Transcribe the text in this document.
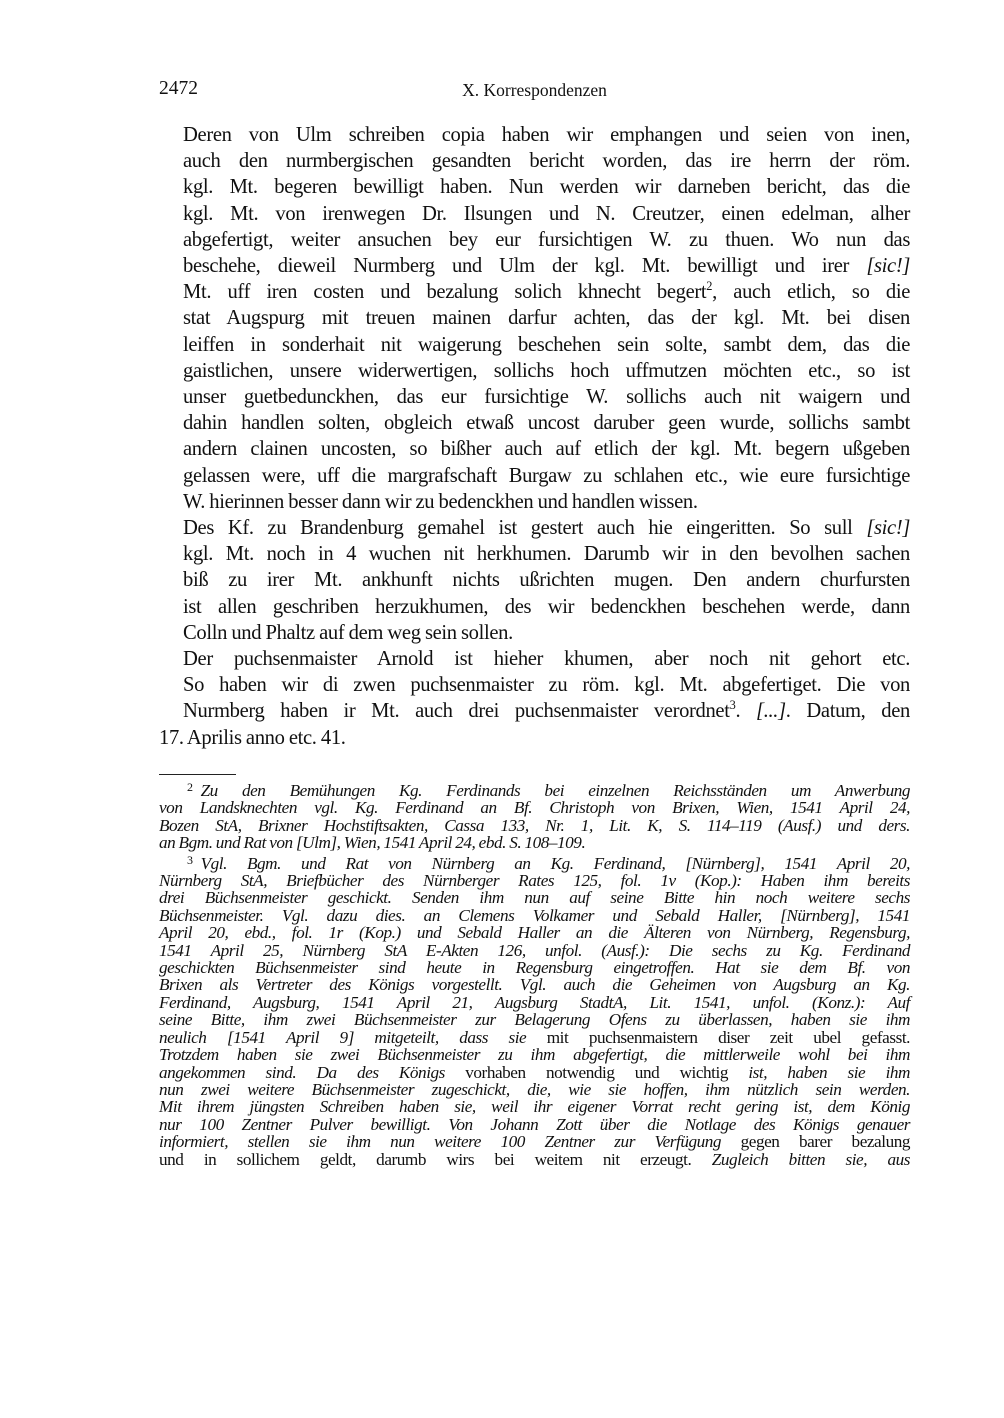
2472	X. Korrespondenzen

Deren von Ulm schreiben copia haben wir emphangen und seien von inen,
auch den nurmbergischen gesandten bericht worden, das ire herrn der röm.
kgl. Mt. begeren bewilligt haben. Nun werden wir darneben bericht, das die
kgl. Mt. von irenwegen Dr. Ilsungen und N. Creutzer, einen edelman, alher
abgefertigt, weiter ansuchen bey eur fursichtigen W. zu thuen. Wo nun das
beschehe, dieweil Nurmberg und Ulm der kgl. Mt. bewilligt und irer [sic!]
Mt. uff iren costen und bezalung solich khnecht begert$^2$, auch etlich, so die
stat Augspurg mit treuen mainen darfur achten, das der kgl. Mt. bei disen
leiffen in sonderhait nit waigerung beschehen sein solte, sambt dem, das die
gaistlichen, unsere widerwertigen, sollichs hoch uffmutzen möchten etc., so ist
unser guetbedunckhen, das eur fursichtige W. sollichs auch nit waigern und
dahin handlen solten, obgleich etwaß uncost daruber geen wurde, sollichs sambt
andern clainen uncosten, so bißher auch auf etlich der kgl. Mt. begern ußgeben
gelassen were, uff die margrafschaft Burgaw zu schlahen etc., wie eure fursichtige
W. hierinnen besser dann wir zu bedenckhen und handlen wissen.

Des Kf. zu Brandenburg gemahel ist gestert auch hie eingeritten. So sull [sic!]
kgl. Mt. noch in 4 wuchen nit herkhumen. Darumb wir in den bevolhen sachen
biß zu irer Mt. ankhunft nichts ußrichten mugen. Den andern churfursten
ist allen geschriben herzukhumen, des wir bedenckhen beschehen werde, dann
Colln und Phaltz auf dem weg sein sollen.

Der puchsenmaister Arnold ist hieher khumen, aber noch nit gehort etc.
So haben wir di zwen puchsenmaister zu röm. kgl. Mt. abgefertiget. Die von
Nurmberg haben ir Mt. auch drei puchsenmaister verordnet$^3$. [...]. Datum, den
17. Aprilis anno etc. 41.

$^2$ Zu den Bemühungen Kg. Ferdinands bei einzelnen Reichsständen um Anwerbung
von Landsknechten vgl. Kg. Ferdinand an Bf. Christoph von Brixen, Wien, 1541 April 24,
Bozen StA, Brixner Hochstiftsakten, Cassa 133, Nr. 1, Lit. K, S. 114–119 (Ausf.) und ders.
an Bgm. und Rat von [Ulm], Wien, 1541 April 24, ebd. S. 108–109.

$^3$ Vgl. Bgm. und Rat von Nürnberg an Kg. Ferdinand, [Nürnberg], 1541 April 20,
Nürnberg StA, Briefbücher des Nürnberger Rates 125, fol. 1v (Kop.): Haben ihm bereits
drei Büchsenmeister geschickt. Senden ihm nun auf seine Bitte hin noch weitere sechs
Büchsenmeister. Vgl. dazu dies. an Clemens Volkamer und Sebald Haller, [Nürnberg], 1541
April 20, ebd., fol. 1r (Kop.) und Sebald Haller an die Älteren von Nürnberg, Regensburg,
1541 April 25, Nürnberg StA E-Akten 126, unfol. (Ausf.): Die sechs zu Kg. Ferdinand
geschickten Büchsenmeister sind heute in Regensburg eingetroffen. Hat sie dem Bf. von
Brixen als Vertreter des Königs vorgestellt. Vgl. auch die Geheimen von Augsburg an Kg.
Ferdinand, Augsburg, 1541 April 21, Augsburg StadtA, Lit. 1541, unfol. (Konz.): Auf
seine Bitte, ihm zwei Büchsenmeister zur Belagerung Ofens zu überlassen, haben sie ihm
neulich [1541 April 9] mitgeteilt, dass sie mit puchsenmaistern diser zeit ubel gefasst.
Trotzdem haben sie zwei Büchsenmeister zu ihm abgefertigt, die mittlerweile wohl bei ihm
angekommen sind. Da des Königs vorhaben notwendig und wichtig ist, haben sie ihm
nun zwei weitere Büchsenmeister zugeschickt, die, wie sie hoffen, ihm nützlich sein werden.
Mit ihrem jüngsten Schreiben haben sie, weil ihr eigener Vorrat recht gering ist, dem König
nur 100 Zentner Pulver bewilligt. Von Johann Zott über die Notlage des Königs genauer
informiert, stellen sie ihm nun weitere 100 Zentner zur Verfügung gegen barer bezalung
und in sollichem geldt, darumb wirs bei weitem nit erzeugt. Zugleich bitten sie, aus
